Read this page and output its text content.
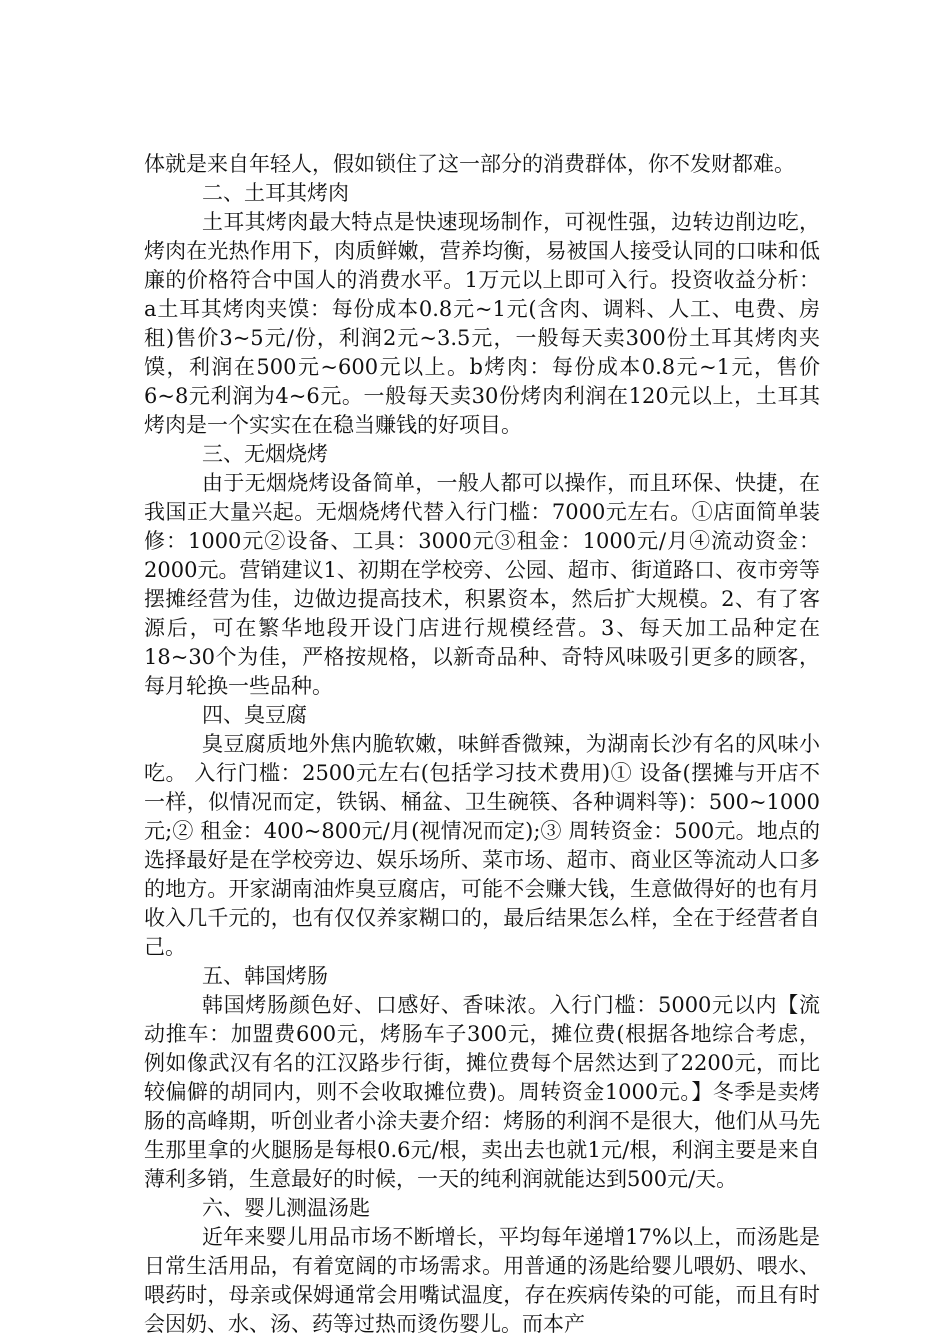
体就是来自年轻人，假如锁住了这一部分的消费群体，你不发财都难。

二、土耳其烤肉

土耳其烤肉最大特点是快速现场制作，可视性强，边转边削边吃，烤肉在光热作用下，肉质鲜嫩，营养均衡，易被国人接受认同的口味和低廉的价格符合中国人的消费水平。1万元以上即可入行。投资收益分析：a土耳其烤肉夹馍：每份成本0.8元~1元(含肉、调料、人工、电费、房租)售价3~5元/份，利润2元~3.5元，一般每天卖300份土耳其烤肉夹馍，利润在500元~600元以上。b烤肉：每份成本0.8元~1元，售价6~8元利润为4~6元。一般每天卖30份烤肉利润在120元以上，土耳其烤肉是一个实实在在稳当赚钱的好项目。

三、无烟烧烤

由于无烟烧烤设备简单，一般人都可以操作，而且环保、快捷，在我国正大量兴起。无烟烧烤代替入行门槛：7000元左右。①店面简单装修：1000元②设备、工具：3000元③租金：1000元/月④流动资金：2000元。营销建议1、初期在学校旁、公园、超市、街道路口、夜市旁等摆摊经营为佳，边做边提高技术，积累资本，然后扩大规模。2、有了客源后，可在繁华地段开设门店进行规模经营。3、每天加工品种定在18~30个为佳，严格按规格，以新奇品种、奇特风味吸引更多的顾客，每月轮换一些品种。

四、臭豆腐

臭豆腐质地外焦内脆软嫩，味鲜香微辣，为湖南长沙有名的风味小吃。 入行门槛：2500元左右(包括学习技术费用)① 设备(摆摊与开店不一样，似情况而定，铁锅、桶盆、卫生碗筷、各种调料等)：500~1000元;② 租金：400~800元/月(视情况而定);③ 周转资金：500元。地点的选择最好是在学校旁边、娱乐场所、菜市场、超市、商业区等流动人口多的地方。开家湖南油炸臭豆腐店，可能不会赚大钱，生意做得好的也有月收入几千元的，也有仅仅养家糊口的，最后结果怎么样，全在于经营者自己。

五、韩国烤肠

韩国烤肠颜色好、口感好、香味浓。入行门槛：5000元以内【流动推车：加盟费600元，烤肠车子300元，摊位费(根据各地综合考虑，例如像武汉有名的江汉路步行街，摊位费每个居然达到了2200元，而比较偏僻的胡同内，则不会收取摊位费)。周转资金1000元。】冬季是卖烤肠的高峰期，听创业者小涂夫妻介绍：烤肠的利润不是很大，他们从马先生那里拿的火腿肠是每根0.6元/根，卖出去也就1元/根，利润主要是来自薄利多销，生意最好的时候，一天的纯利润就能达到500元/天。

六、婴儿测温汤匙

近年来婴儿用品市场不断增长，平均每年递增17%以上，而汤匙是日常生活用品，有着宽阔的市场需求。用普通的汤匙给婴儿喂奶、喂水、喂药时，母亲或保姆通常会用嘴试温度，存在疾病传染的可能，而且有时会因奶、水、汤、药等过热而烫伤婴儿。而本产
